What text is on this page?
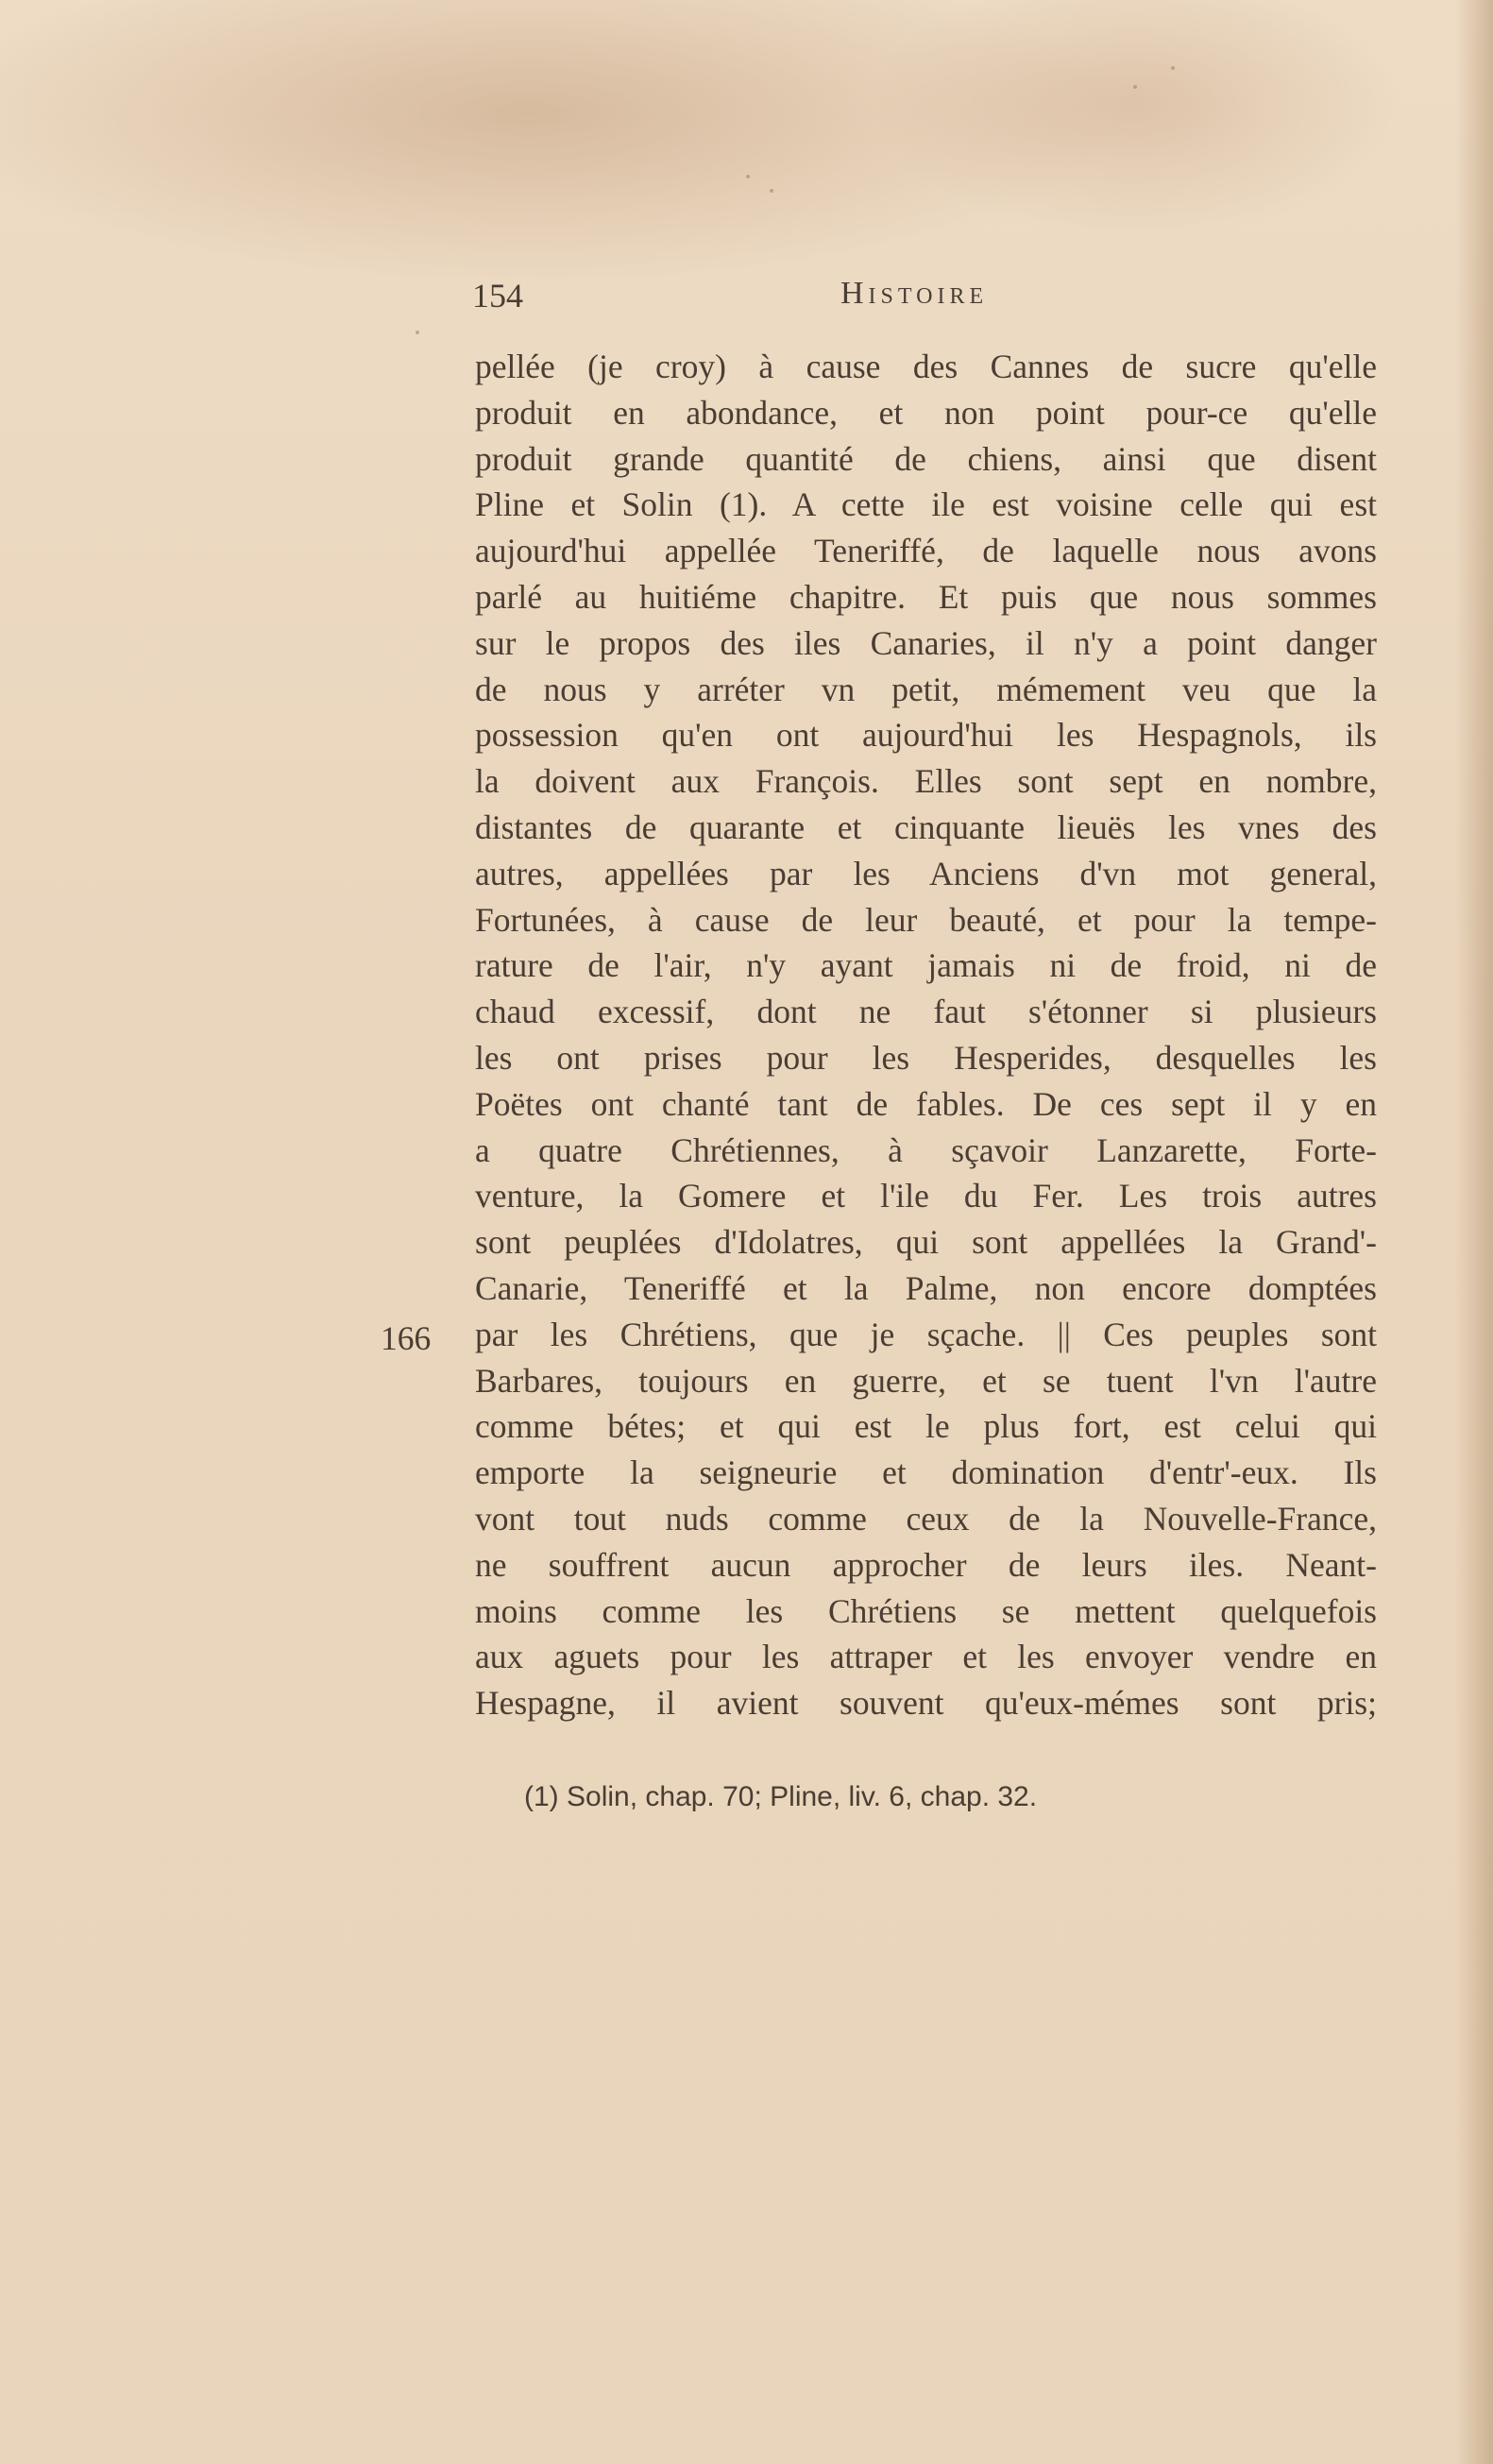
154	Histoire
166
pellée (je croy) à cause des Cannes de sucre qu'elle
produit en abondance, et non point pour-ce qu'elle
produit grande quantité de chiens, ainsi que disent
Pline et Solin (1). A cette ile est voisine celle qui est
aujourd'hui appellée Teneriffé, de laquelle nous avons
parlé au huitiéme chapitre. Et puis que nous sommes
sur le propos des iles Canaries, il n'y a point danger
de nous y arréter vn petit, mémement veu que la
possession qu'en ont aujourd'hui les Hespagnols, ils
la doivent aux François. Elles sont sept en nombre,
distantes de quarante et cinquante lieuës les vnes des
autres, appellées par les Anciens d'vn mot general,
Fortunées, à cause de leur beauté, et pour la tempe-
rature de l'air, n'y ayant jamais ni de froid, ni de
chaud excessif, dont ne faut s'étonner si plusieurs
les ont prises pour les Hesperides, desquelles les
Poëtes ont chanté tant de fables. De ces sept il y en
a quatre Chrétiennes, à sçavoir Lanzarette, Forte-
venture, la Gomere et l'ile du Fer. Les trois autres
sont peuplées d'Idolatres, qui sont appellées la Grand'-
Canarie, Teneriffé et la Palme, non encore domptées
par les Chrétiens, que je sçache. || Ces peuples sont
Barbares, toujours en guerre, et se tuent l'vn l'autre
comme bétes; et qui est le plus fort, est celui qui
emporte la seigneurie et domination d'entr'-eux. Ils
vont tout nuds comme ceux de la Nouvelle-France,
ne souffrent aucun approcher de leurs iles. Neant-
moins comme les Chrétiens se mettent quelquefois
aux aguets pour les attraper et les envoyer vendre en
Hespagne, il avient souvent qu'eux-mémes sont pris;
(1) Solin, chap. 70; Pline, liv. 6, chap. 32.
